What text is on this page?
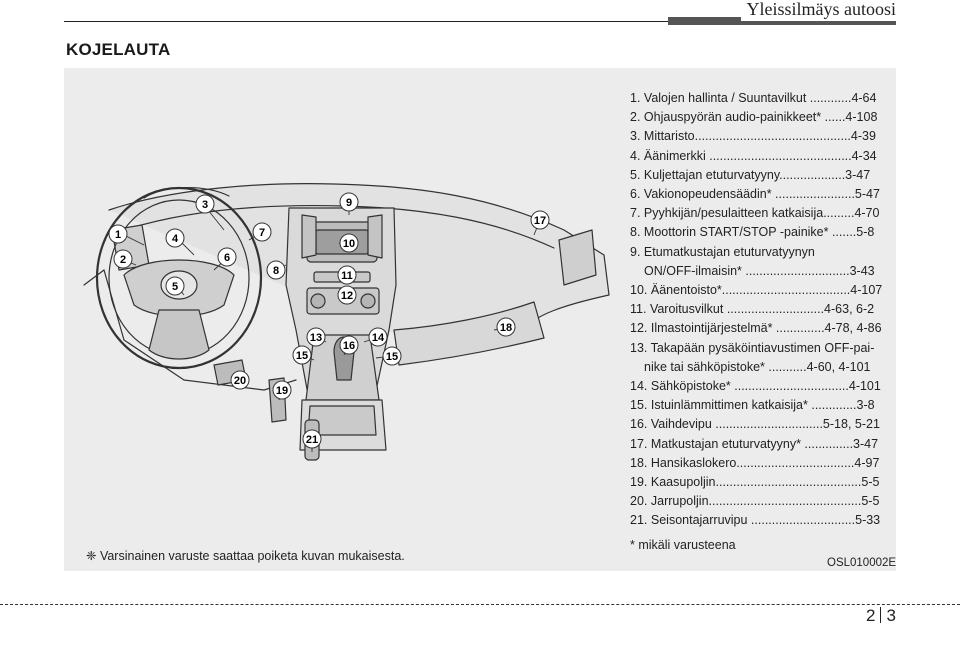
Yleissilmäys autoosi
KOJELAUTA
1
2
3
4
5
6
7
8
9
10
11
12
13	14
15	15
16
17
18
19
20
21
❈ Varsinainen varuste saattaa poiketa kuvan mukaisesta.
1. Valojen hallinta / Suuntavilkut ............4-64
2. Ohjauspyörän audio-painikkeet* ......4-108
3. Mittaristo.............................................4-39
4. Äänimerkki .........................................4-34
5. Kuljettajan etuturvatyyny...................3-47
6. Vakionopeudensäädin* .......................5-47
7. Pyyhkijän/pesulaitteen katkaisija.........4-70
8. Moottorin START/STOP -painike* .......5-8
9. Etumatkustajan etuturvatyynyn
ON/OFF-ilmaisin* ..............................3-43
10. Äänentoisto*.....................................4-107
11. Varoitusvilkut ............................4-63, 6-2
12. Ilmastointijärjestelmä* ..............4-78, 4-86
13. Takapään pysäköintiavustimen OFF-pai-
nike tai sähköpistoke* ...........4-60, 4-101
14. Sähköpistoke* .................................4-101
15. Istuinlämmittimen katkaisija* .............3-8
16. Vaihdevipu ...............................5-18, 5-21
17. Matkustajan etuturvatyyny* ..............3-47
18. Hansikaslokero..................................4-97
19. Kaasupoljin..........................................5-5
20. Jarrupoljin............................................5-5
21. Seisontajarruvipu ..............................5-33
* mikäli varusteena
OSL010002E
2 3
